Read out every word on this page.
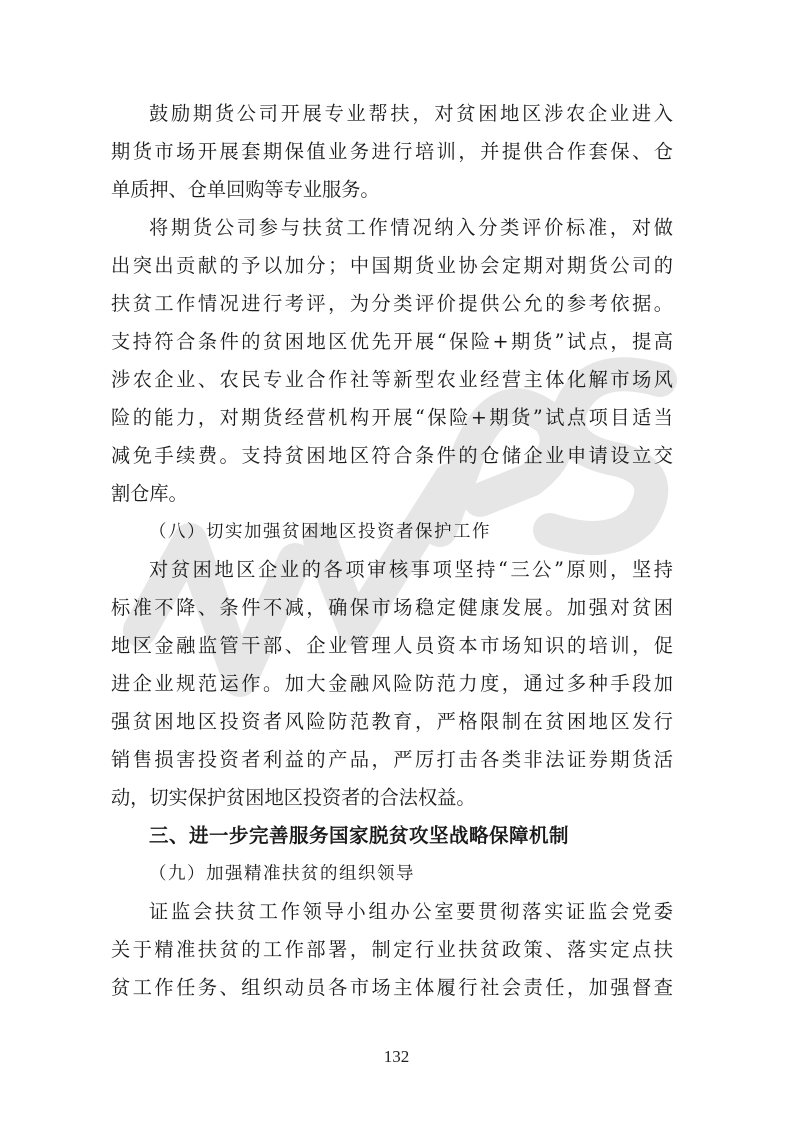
鼓励期货公司开展专业帮扶，对贫困地区涉农企业进入
期货市场开展套期保值业务进行培训，并提供合作套保、仓
单质押、仓单回购等专业服务。
将期货公司参与扶贫工作情况纳入分类评价标准，对做
出突出贡献的予以加分；中国期货业协会定期对期货公司的
扶贫工作情况进行考评，为分类评价提供公允的参考依据。
支持符合条件的贫困地区优先开展“保险+期货”试点，提高
涉农企业、农民专业合作社等新型农业经营主体化解市场风
险的能力，对期货经营机构开展“保险+期货”试点项目适当
减免手续费。支持贫困地区符合条件的仓储企业申请设立交
割仓库。
（八）切实加强贫困地区投资者保护工作
对贫困地区企业的各项审核事项坚持“三公”原则，坚持
标准不降、条件不减，确保市场稳定健康发展。加强对贫困
地区金融监管干部、企业管理人员资本市场知识的培训，促
进企业规范运作。加大金融风险防范力度，通过多种手段加
强贫困地区投资者风险防范教育，严格限制在贫困地区发行
销售损害投资者利益的产品，严厉打击各类非法证券期货活
动，切实保护贫困地区投资者的合法权益。
三、进一步完善服务国家脱贫攻坚战略保障机制
（九）加强精准扶贫的组织领导
证监会扶贫工作领导小组办公室要贯彻落实证监会党委
关于精准扶贫的工作部署，制定行业扶贫政策、落实定点扶
贫工作任务、组织动员各市场主体履行社会责任，加强督查
132
